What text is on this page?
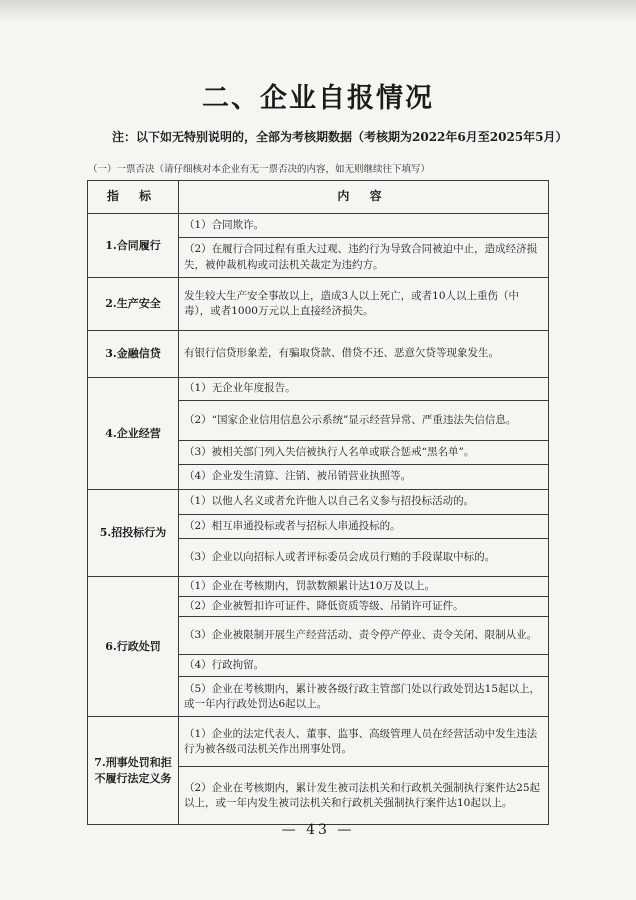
二、企业自报情况
注：以下如无特别说明的，全部为考核期数据（考核期为2022年6月至2025年5月）
（一）一票否决（请仔细核对本企业有无一票否决的内容，如无则继续往下填写）
指 标	内 容
1.合同履行	（1）合同欺诈。
	（2）在履行合同过程有重大过观、违约行为导致合同被迫中止，造成经济损失，被仲裁机构或司法机关裁定为违约方。
2.生产安全	发生较大生产安全事故以上，造成3人以上死亡，或者10人以上重伤（中毒），或者1000万元以上直接经济损失。
3.金融信贷	有银行信贷形象差，有骗取贷款、借贷不还、恶意欠贷等现象发生。
4.企业经营	（1）无企业年度报告。
	（2）“国家企业信用信息公示系统”显示经营异常、严重违法失信信息。
	（3）被相关部门列入失信被执行人名单或联合惩戒“黑名单”。
	（4）企业发生清算、注销、被吊销营业执照等。
5.招投标行为	（1）以他人名义或者允许他人以自己名义参与招投标活动的。
	（2）相互串通投标或者与招标人串通投标的。
	（3）企业以向招标人或者评标委员会成员行贿的手段谋取中标的。
6.行政处罚	（1）企业在考核期内，罚款数额累计达10万及以上。
	（2）企业被暂扣许可证件、降低资质等级、吊销许可证件。
	（3）企业被限制开展生产经营活动、责令停产停业、责令关闭、限制从业。
	（4）行政拘留。
	（5）企业在考核期内，累计被各级行政主管部门处以行政处罚达15起以上，或一年内行政处罚达6起以上。
7.刑事处罚和拒不履行法定义务	（1）企业的法定代表人、董事、监事、高级管理人员在经营活动中发生违法行为被各级司法机关作出刑事处罚。
	（2）企业在考核期内，累计发生被司法机关和行政机关强制执行案件达25起以上，或一年内发生被司法机关和行政机关强制执行案件达10起以上。
— 43 —
